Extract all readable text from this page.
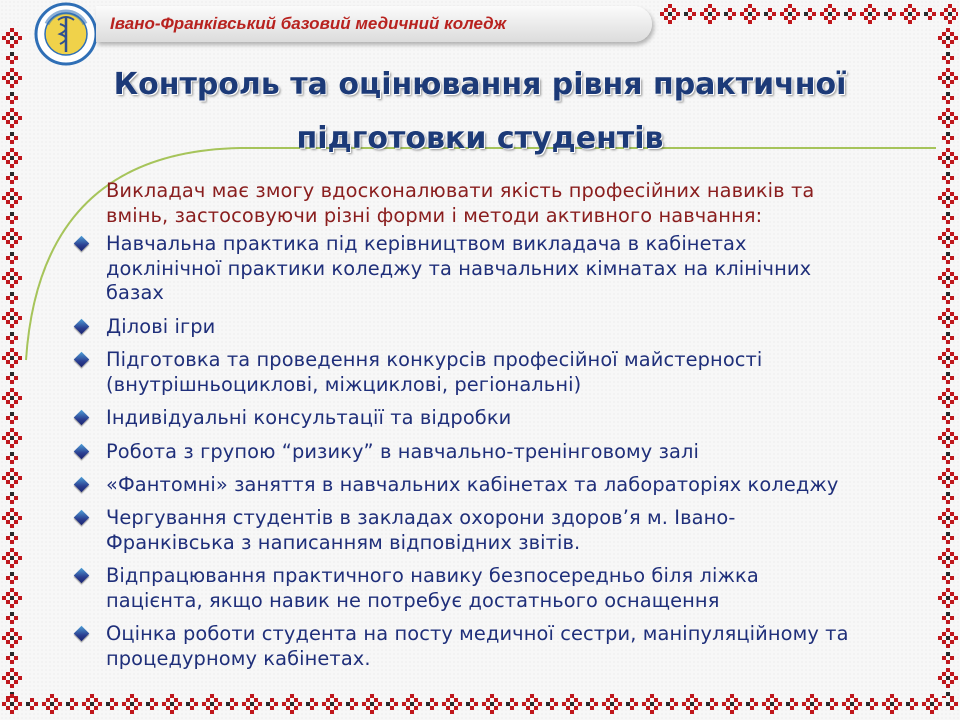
Івано-Франківський базовий медичний коледж

Контроль та оцінювання рівня практичної
підготовки студентів

Викладач має змогу вдосконалювати якість професійних навиків та
вмінь, застосовуючи різні форми і методи активного навчання:

Навчальна практика під керівництвом викладача в кабінетах
доклінічної практики коледжу та навчальних кімнатах на клінічних
базах
Ділові ігри
Підготовка та проведення конкурсів професійної майстерності
(внутрішньоциклові, міжциклові, регіональні)
Індивідуальні консультації та відробки
Робота з групою “ризику” в навчально-тренінговому залі
«Фантомні» заняття в навчальних кабінетах та лабораторіях коледжу
Чергування студентів в закладах охорони здоров’я м. Івано-
Франківська з написанням відповідних звітів.
Відпрацювання практичного навику безпосередньо біля ліжка
пацієнта, якщо навик не потребує достатнього оснащення
Оцінка роботи студента на посту медичної сестри, маніпуляційному та
процедурному кабінетах.
